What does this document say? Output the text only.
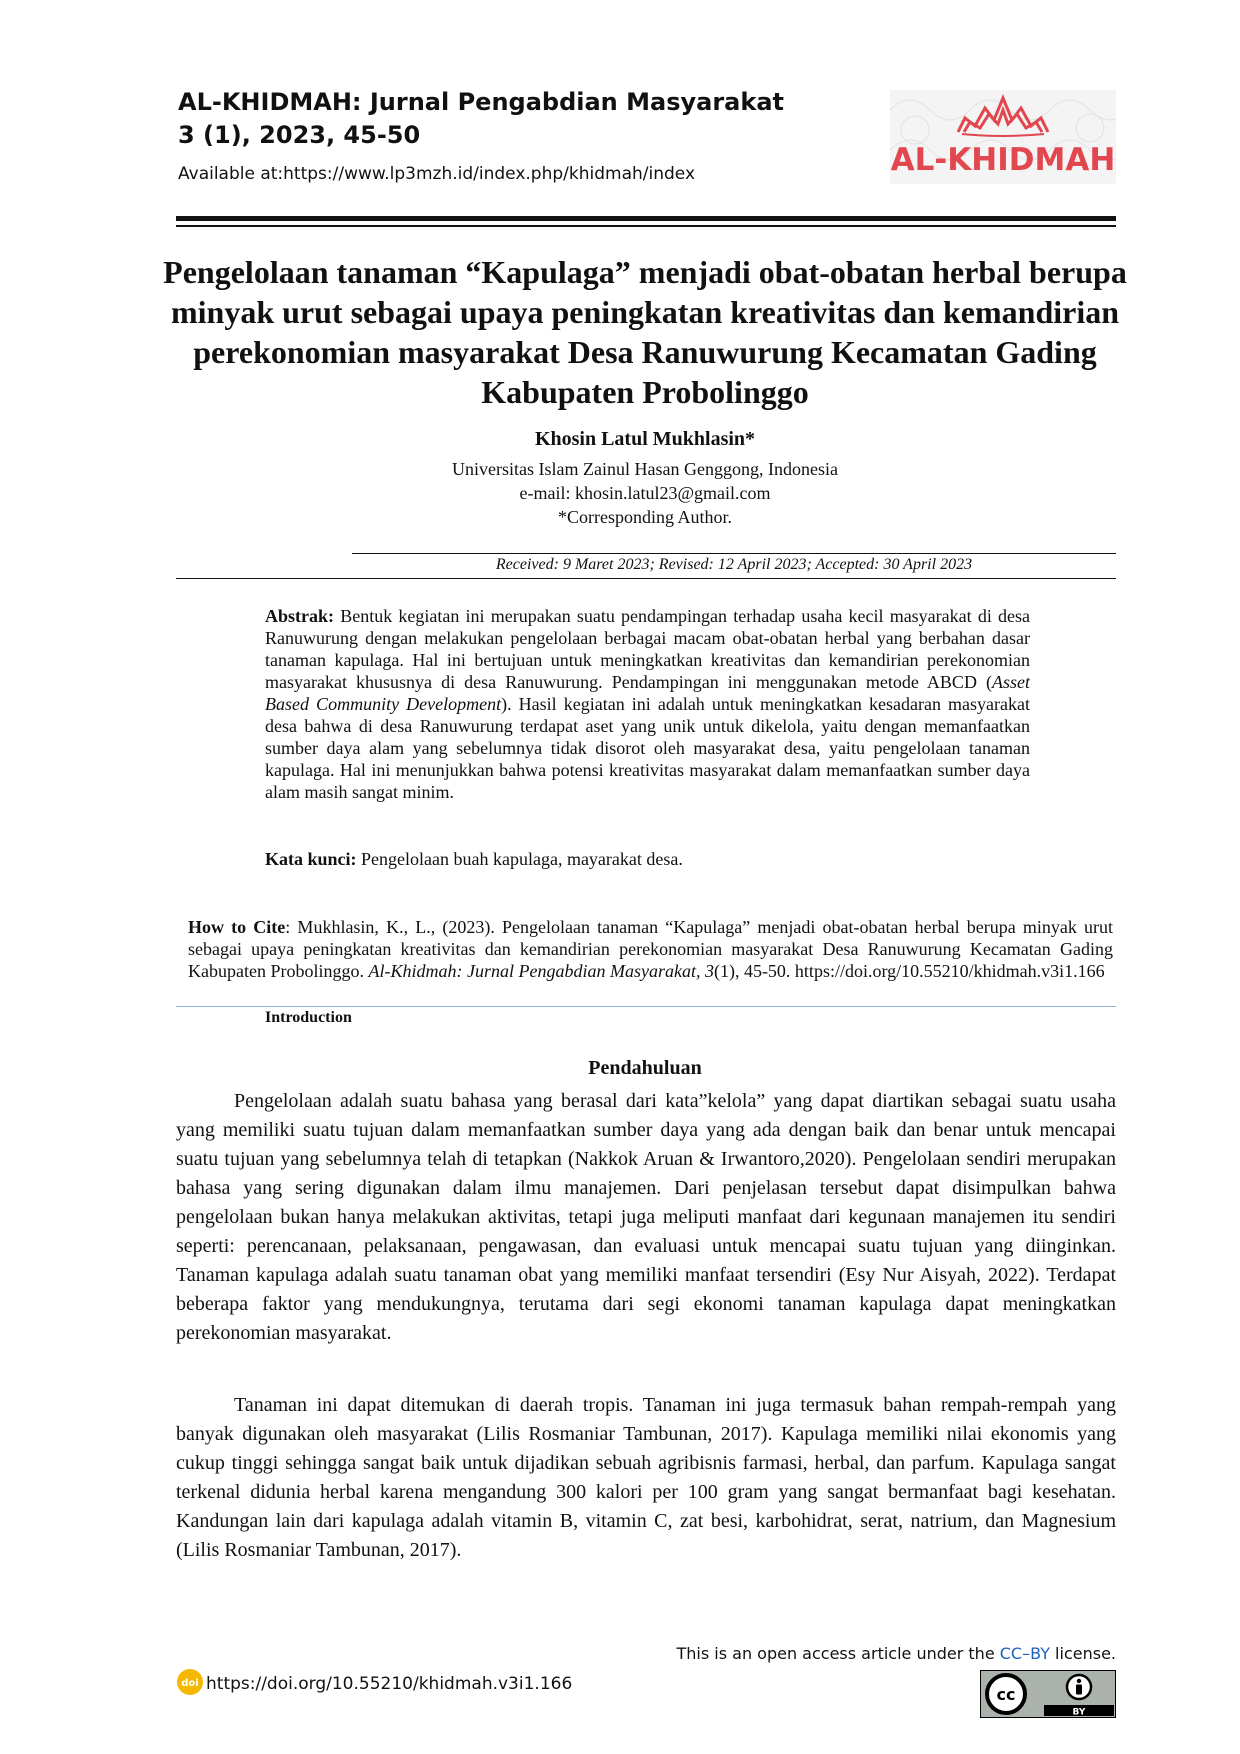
AL-KHIDMAH: Jurnal Pengabdian Masyarakat
3 (1), 2023, 45-50
Available at:https://www.lp3mzh.id/index.php/khidmah/index	AL-KHIDMAH
Pengelolaan tanaman “Kapulaga” menjadi obat-obatan herbal berupa minyak urut sebagai upaya peningkatan kreativitas dan kemandirian perekonomian masyarakat Desa Ranuwurung Kecamatan Gading Kabupaten Probolinggo
Khosin Latul Mukhlasin*
Universitas Islam Zainul Hasan Genggong, Indonesia
e-mail: khosin.latul23@gmail.com
*Corresponding Author.
Received: 9 Maret 2023; Revised: 12 April 2023; Accepted: 30 April 2023
Abstrak: Bentuk kegiatan ini merupakan suatu pendampingan terhadap usaha kecil masyarakat di desa Ranuwurung dengan melakukan pengelolaan berbagai macam obat-obatan herbal yang berbahan dasar tanaman kapulaga. Hal ini bertujuan untuk meningkatkan kreativitas dan kemandirian perekonomian masyarakat khususnya di desa Ranuwurung. Pendampingan ini menggunakan metode ABCD (Asset Based Community Development). Hasil kegiatan ini adalah untuk meningkatkan kesadaran masyarakat desa bahwa di desa Ranuwurung terdapat aset yang unik untuk dikelola, yaitu dengan memanfaatkan sumber daya alam yang sebelumnya tidak disorot oleh masyarakat desa, yaitu pengelolaan tanaman kapulaga. Hal ini menunjukkan bahwa potensi kreativitas masyarakat dalam memanfaatkan sumber daya alam masih sangat minim.
Kata kunci: Pengelolaan buah kapulaga, mayarakat desa.
How to Cite: Mukhlasin, K., L., (2023). Pengelolaan tanaman “Kapulaga” menjadi obat-obatan herbal berupa minyak urut sebagai upaya peningkatan kreativitas dan kemandirian perekonomian masyarakat Desa Ranuwurung Kecamatan Gading Kabupaten Probolinggo. Al-Khidmah: Jurnal Pengabdian Masyarakat, 3(1), 45-50. https://doi.org/10.55210/khidmah.v3i1.166
Introduction
Pendahuluan

Pengelolaan adalah suatu bahasa yang berasal dari kata”kelola” yang dapat diartikan sebagai suatu usaha yang memiliki suatu tujuan dalam memanfaatkan sumber daya yang ada dengan baik dan benar untuk mencapai suatu tujuan yang sebelumnya telah di tetapkan (Nakkok Aruan & Irwantoro,2020). Pengelolaan sendiri merupakan bahasa yang sering digunakan dalam ilmu manajemen. Dari penjelasan tersebut dapat disimpulkan bahwa pengelolaan bukan hanya melakukan aktivitas, tetapi juga meliputi manfaat dari kegunaan manajemen itu sendiri seperti: perencanaan, pelaksanaan, pengawasan, dan evaluasi untuk mencapai suatu tujuan yang diinginkan. Tanaman kapulaga adalah suatu tanaman obat yang memiliki manfaat tersendiri (Esy Nur Aisyah, 2022). Terdapat beberapa faktor yang mendukungnya, terutama dari segi ekonomi tanaman kapulaga dapat meningkatkan perekonomian masyarakat.

Tanaman ini dapat ditemukan di daerah tropis. Tanaman ini juga termasuk bahan rempah-rempah yang banyak digunakan oleh masyarakat (Lilis Rosmaniar Tambunan, 2017). Kapulaga memiliki nilai ekonomis yang cukup tinggi sehingga sangat baik untuk dijadikan sebuah agribisnis farmasi, herbal, dan parfum. Kapulaga sangat terkenal didunia herbal karena mengandung 300 kalori per 100 gram yang sangat bermanfaat bagi kesehatan. Kandungan lain dari kapulaga adalah vitamin B, vitamin C, zat besi, karbohidrat, serat, natrium, dan Magnesium (Lilis Rosmaniar Tambunan, 2017).

This is an open access article under the CC–BY license.
doi https://doi.org/10.55210/khidmah.v3i1.166
cc
BY
